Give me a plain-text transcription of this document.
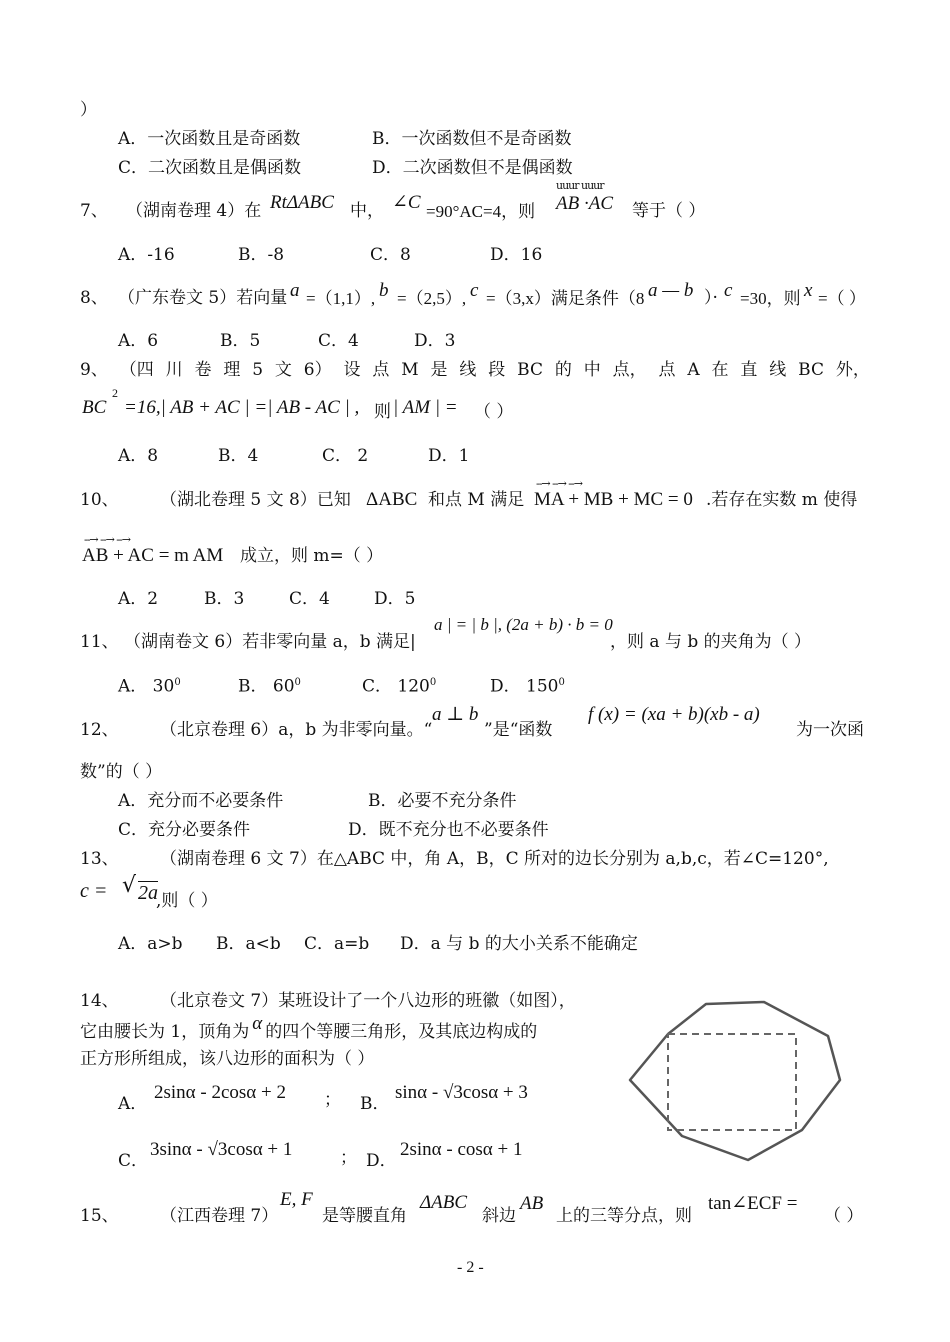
）
A．一次函数且是奇函数	B．一次函数但不是奇函数
C．二次函数且是偶函数	D．二次函数但不是偶函数
7、 （湖南卷理 4）在 RtΔABC 中， ∠C =90°AC=4，则
uuur uuur
AB ·AC 等于（ ）
A．-16	B．-8	C．8	D．16
8、 （广东卷文 5）若向量 a =（1,1）, b =（2,5）, c =（3,x）满足条件（8 a — b ）· c =30，则 x =（ ）
A．6	B．5	C．4	D．3
9、 （四 川 卷 理 5 文 6） 设 点 M 是 线 段 BC 的 中 点， 点 A 在 直 线 BC 外，
BC
2
=16,| AB + AC | =| AB - AC | , 则 | AM | = （ ）
A．8	B．4	C． 2	D．1
10、 （湖北卷理 5 文 8）已知 ΔABC 和点 M 满足
--→ --→ --→
MA + MB + MC = 0 .若存在实数 m 使得
--→ --→ --→
AB + AC = m AM 成立，则 m=（ ）
A．2	B．3	C．4	D．5
11、 （湖南卷文 6）若非零向量 a，b 满足|
a | = | b |, (2a + b) · b = 0
，则 a 与 b 的夹角为（ ）
A． $30^0$	B． $60^0$	C． $120^0$	D． $150^0$
12、 （北京卷理 6）a，b 为非零向量。“
a ⊥ b
”是“函数
f (x) = (xa + b)(xb - a)
为一次函
数”的（ ）
A．充分而不必要条件	B．必要不充分条件
C．充分必要条件	D．既不充分也不必要条件
13、 （湖南卷理 6 文 7）在△ABC 中，角 A，B，C 所对的边长分别为 a,b,c，若∠C=120°,
c = √ 2a
,则（ ）
A．a>b B．a<b C．a=b D．a 与 b 的大小关系不能确定
14、 （北京卷文 7）某班设计了一个八边形的班徽（如图），
它由腰长为 1，顶角为 α 的四个等腰三角形，及其底边构成的
正方形所组成，该八边形的面积为（ ）
A．
2sinα - 2cosα + 2 ； B．
sinα - √3cosα + 3
C．
3sinα - √3cosα + 1	； D．
2sinα - cosα + 1
15、 （江西卷理 7）
E, F
是等腰直角
ΔABC
斜边
AB
上的三等分点，则
tan∠ECF =
（ ）
- 2 -
